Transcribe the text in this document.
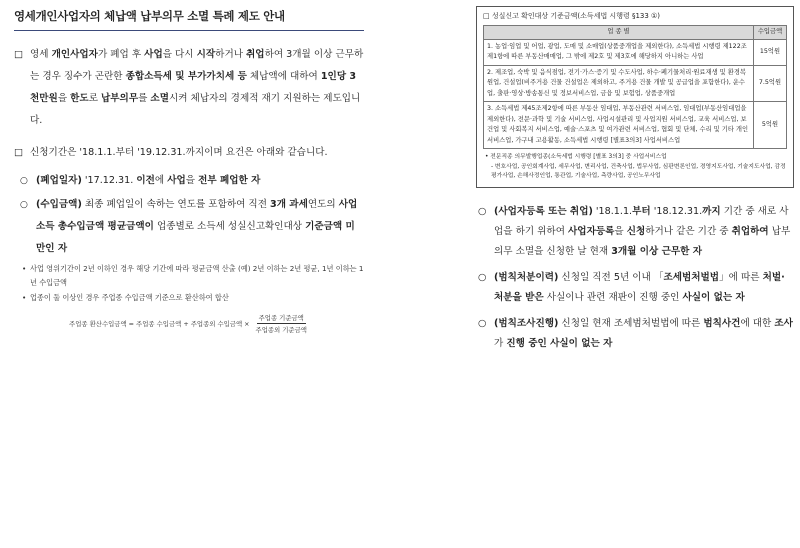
영세개인사업자의 체납액 납부의무 소멸 특례 제도 안내
□ 영세 개인사업자가 폐업 후 사업을 다시 시작하거나 취업하여 3개월 이상 근무하는 경우 징수가 곤란한 종합소득세 및 부가가치세 등 체납액에 대하여 1인당 3천만원을 한도로 납부의무를 소멸시켜 체납자의 경제적 재기 지원하는 제도입니다.
□ 신청기간은 '18.1.1.부터 '19.12.31.까지이며 요건은 아래와 같습니다.
○ (폐업일자) '17.12.31. 이전에 사업을 전부 폐업한 자
○ (수입금액) 최종 폐업일이 속하는 연도를 포함하여 직전 3개 과세연도의 사업소득 총수입금액 평균금액이 업종별로 소득세 성실신고확인대상 기준금액 미만인 자
• 사업 영위기간이 2년 이하인 경우 해당 기간에 따라 평균금액 산출 (예) 2년 이하는 2년 평균, 1년 이하는 1년 수입금액
• 업종이 둘 이상인 경우 주업종 수입금액 기준으로 환산하여 합산
주업종 환산수입금액 = 주업종 수입금액 + 주업종외 수입금액 × $\frac{\text{주업종 기준금액}}{\text{주업종외 기준금액}}$
□ 성실신고 확인대상 기준금액(소득세법 시행령 §133 ①)
업 종 별	수입금액
1. 농업·임업 및 어업, 광업, 도매 및 소매업(상품중개업을 제외한다), 소득세법 시행령 제122조제1항에 따른 부동산매매업, 그 밖에 제2호 및 제3호에 해당하지 아니하는 사업	15억원
2. 제조업, 숙박 및 음식점업, 전기·가스·증기 및 수도사업, 하수·폐기물처리·원료재생 및 환경복원업, 건설업(비주거용 건물 건설업은 제외하고, 주거용 건물 개발 및 공급업을 포함한다), 운수업, 출판·영상·방송통신 및 정보서비스업, 금융 및 보험업, 상품중개업	7.5억원
3. 소득세법 제45조제2항에 따른 부동산 임대업, 부동산관련 서비스업, 임대업(부동산임대업을 제외한다), 전문·과학 및 기술 서비스업, 사업시설관리 및 사업지원 서비스업, 교육 서비스업, 보건업 및 사회복지 서비스업, 예술·스포츠 및 여가관련 서비스업, 협회 및 단체, 수리 및 기타 개인 서비스업, 가구내 고용활동, 소득세법 시행령 [별표3의3] 사업서비스업	5억원
• 전문직종 의무발행업종(소득세법 시행령 [별표 3의3] 중 사업서비스업
- 변호사업, 공인회계사업, 세무사업, 변리사업, 건축사업, 법무사업, 심판변론인업, 경영지도사업, 기술지도사업, 감정평가사업, 손해사정인업, 통관업, 기술사업, 측량사업, 공인노무사업
○ (사업자등록 또는 취업) '18.1.1.부터 '18.12.31.까지 기간 중 새로 사업을 하기 위하여 사업자등록을 신청하거나 같은 기간 중 취업하여 납부의무 소멸을 신청한 날 현재 3개월 이상 근무한 자
○ (범칙처분이력) 신청일 직전 5년 이내 「조세범처벌법」에 따른 처벌·처분을 받은 사실이나 관련 재판이 진행 중인 사실이 없는 자
○ (범칙조사진행) 신청일 현재 조세범처벌법에 따른 범칙사건에 대한 조사가 진행 중인 사실이 없는 자
